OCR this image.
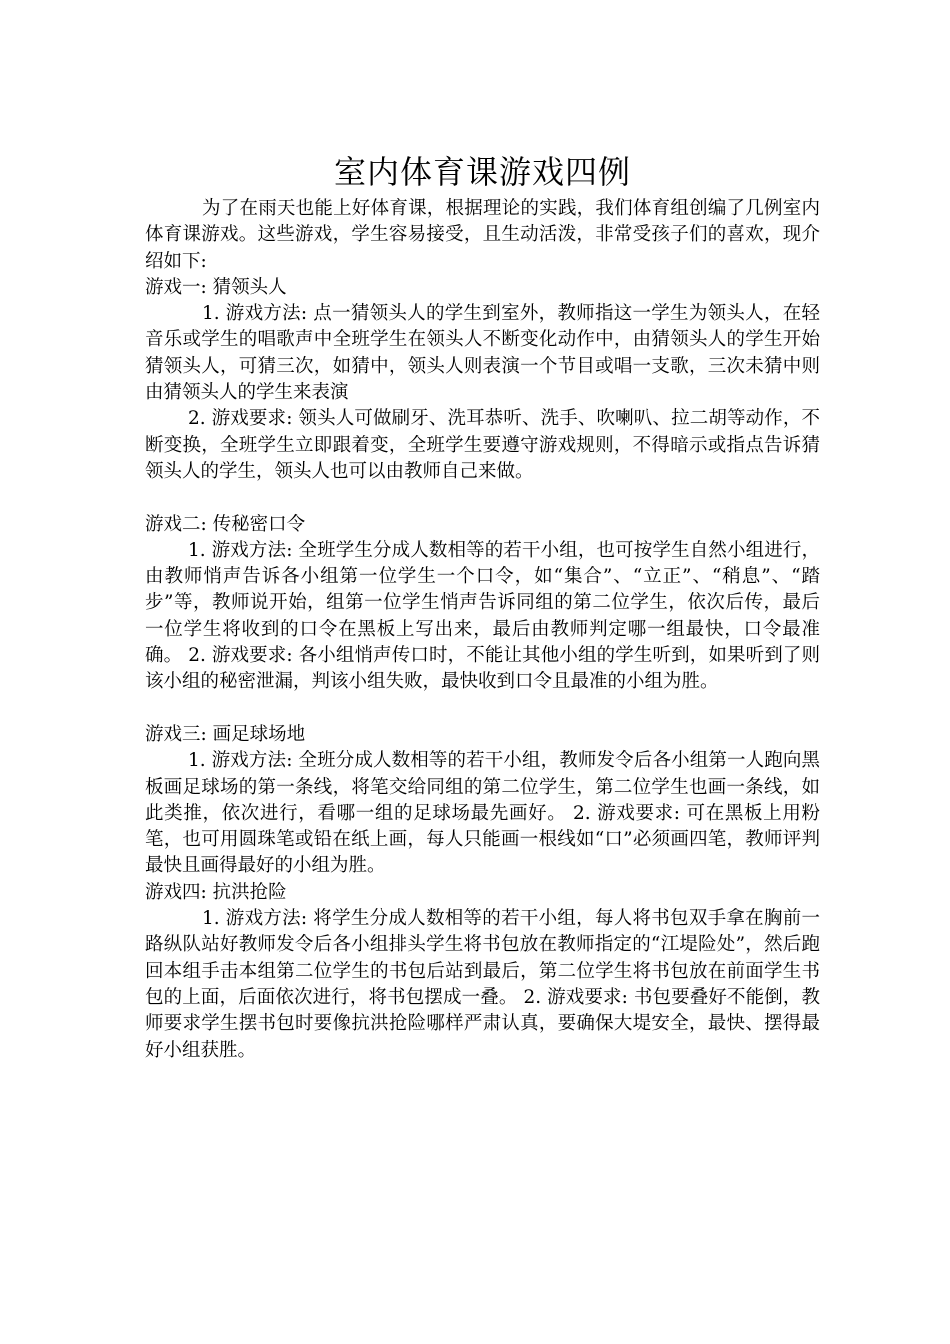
室内体育课游戏四例

为了在雨天也能上好体育课，根据理论的实践，我们体育组创编了几例室内体育课游戏。这些游戏，学生容易接受，且生动活泼，非常受孩子们的喜欢，现介绍如下:

游戏一: 猜领头人

1. 游戏方法: 点一猜领头人的学生到室外，教师指这一学生为领头人，在轻音乐或学生的唱歌声中全班学生在领头人不断变化动作中，由猜领头人的学生开始猜领头人，可猜三次，如猜中，领头人则表演一个节目或唱一支歌，三次未猜中则由猜领头人的学生来表演

2. 游戏要求: 领头人可做刷牙、洗耳恭听、洗手、吹喇叭、拉二胡等动作，不断变换，全班学生立即跟着变，全班学生要遵守游戏规则，不得暗示或指点告诉猜领头人的学生，领头人也可以由教师自己来做。

游戏二: 传秘密口令

1. 游戏方法: 全班学生分成人数相等的若干小组，也可按学生自然小组进行，由教师悄声告诉各小组第一位学生一个口令，如“集合”、“立正”、“稍息”、“踏步”等，教师说开始，组第一位学生悄声告诉同组的第二位学生，依次后传，最后一位学生将收到的口令在黑板上写出来，最后由教师判定哪一组最快，口令最准确。 2. 游戏要求: 各小组悄声传口时，不能让其他小组的学生听到，如果听到了则该小组的秘密泄漏，判该小组失败，最快收到口令且最准的小组为胜。

游戏三: 画足球场地

1. 游戏方法: 全班分成人数相等的若干小组，教师发令后各小组第一人跑向黑板画足球场的第一条线，将笔交给同组的第二位学生，第二位学生也画一条线，如此类推，依次进行，看哪一组的足球场最先画好。 2. 游戏要求: 可在黑板上用粉笔，也可用圆珠笔或铅在纸上画，每人只能画一根线如“口”必须画四笔，教师评判最快且画得最好的小组为胜。

游戏四: 抗洪抢险

1. 游戏方法: 将学生分成人数相等的若干小组，每人将书包双手拿在胸前一路纵队站好教师发令后各小组排头学生将书包放在教师指定的“江堤险处”，然后跑回本组手击本组第二位学生的书包后站到最后，第二位学生将书包放在前面学生书包的上面，后面依次进行，将书包摆成一叠。 2. 游戏要求: 书包要叠好不能倒，教师要求学生摆书包时要像抗洪抢险哪样严肃认真，要确保大堤安全，最快、摆得最好小组获胜。
